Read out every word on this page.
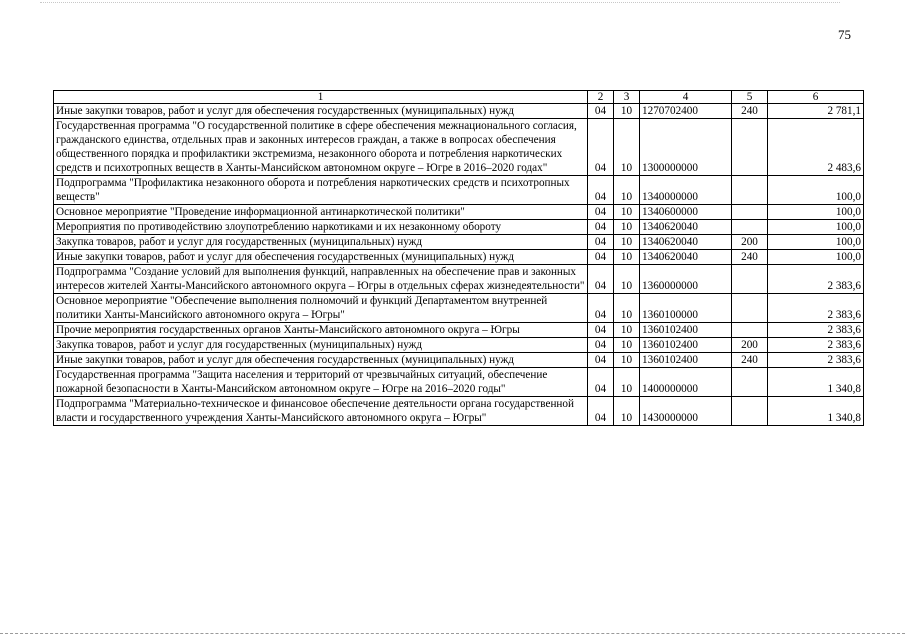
75
1	2	3	4	5	6
Иные закупки товаров, работ и услуг для обеспечения государственных (муниципальных) нужд	04	10	1270702400	240	2 781,1
Государственная программа "О государственной политике в сфере обеспечения межнационального согласия, гражданского единства, отдельных прав и законных интересов граждан, а также в вопросах обеспечения общественного порядка и профилактики экстремизма, незаконного оборота и потребления наркотических средств и психотропных веществ в Ханты-Мансийском автономном округе – Югре в 2016–2020 годах"	04	10	1300000000		2 483,6
Подпрограмма "Профилактика незаконного оборота и потребления наркотических средств и психотропных веществ"	04	10	1340000000		100,0
Основное мероприятие "Проведение информационной антинаркотической политики"	04	10	1340600000		100,0
Мероприятия по противодействию злоупотреблению наркотиками и их незаконному обороту	04	10	1340620040		100,0
Закупка товаров, работ и услуг для государственных (муниципальных) нужд	04	10	1340620040	200	100,0
Иные закупки товаров, работ и услуг для обеспечения государственных (муниципальных) нужд	04	10	1340620040	240	100,0
Подпрограмма "Создание условий для выполнения функций, направленных на обеспечение прав и законных интересов жителей Ханты-Мансийского автономного округа – Югры в отдельных сферах жизнедеятельности"	04	10	1360000000		2 383,6
Основное мероприятие "Обеспечение выполнения полномочий и функций Департаментом внутренней политики Ханты-Мансийского автономного округа – Югры"	04	10	1360100000		2 383,6
Прочие мероприятия государственных органов Ханты-Мансийского автономного округа – Югры	04	10	1360102400		2 383,6
Закупка товаров, работ и услуг для государственных (муниципальных) нужд	04	10	1360102400	200	2 383,6
Иные закупки товаров, работ и услуг для обеспечения государственных (муниципальных) нужд	04	10	1360102400	240	2 383,6
Государственная программа "Защита населения и территорий от чрезвычайных ситуаций, обеспечение пожарной безопасности в Ханты-Мансийском автономном округе – Югре на 2016–2020 годы"	04	10	1400000000		1 340,8
Подпрограмма "Материально-техническое и финансовое обеспечение деятельности органа государственной власти и государственного учреждения Ханты-Мансийского автономного округа – Югры"	04	10	1430000000		1 340,8
